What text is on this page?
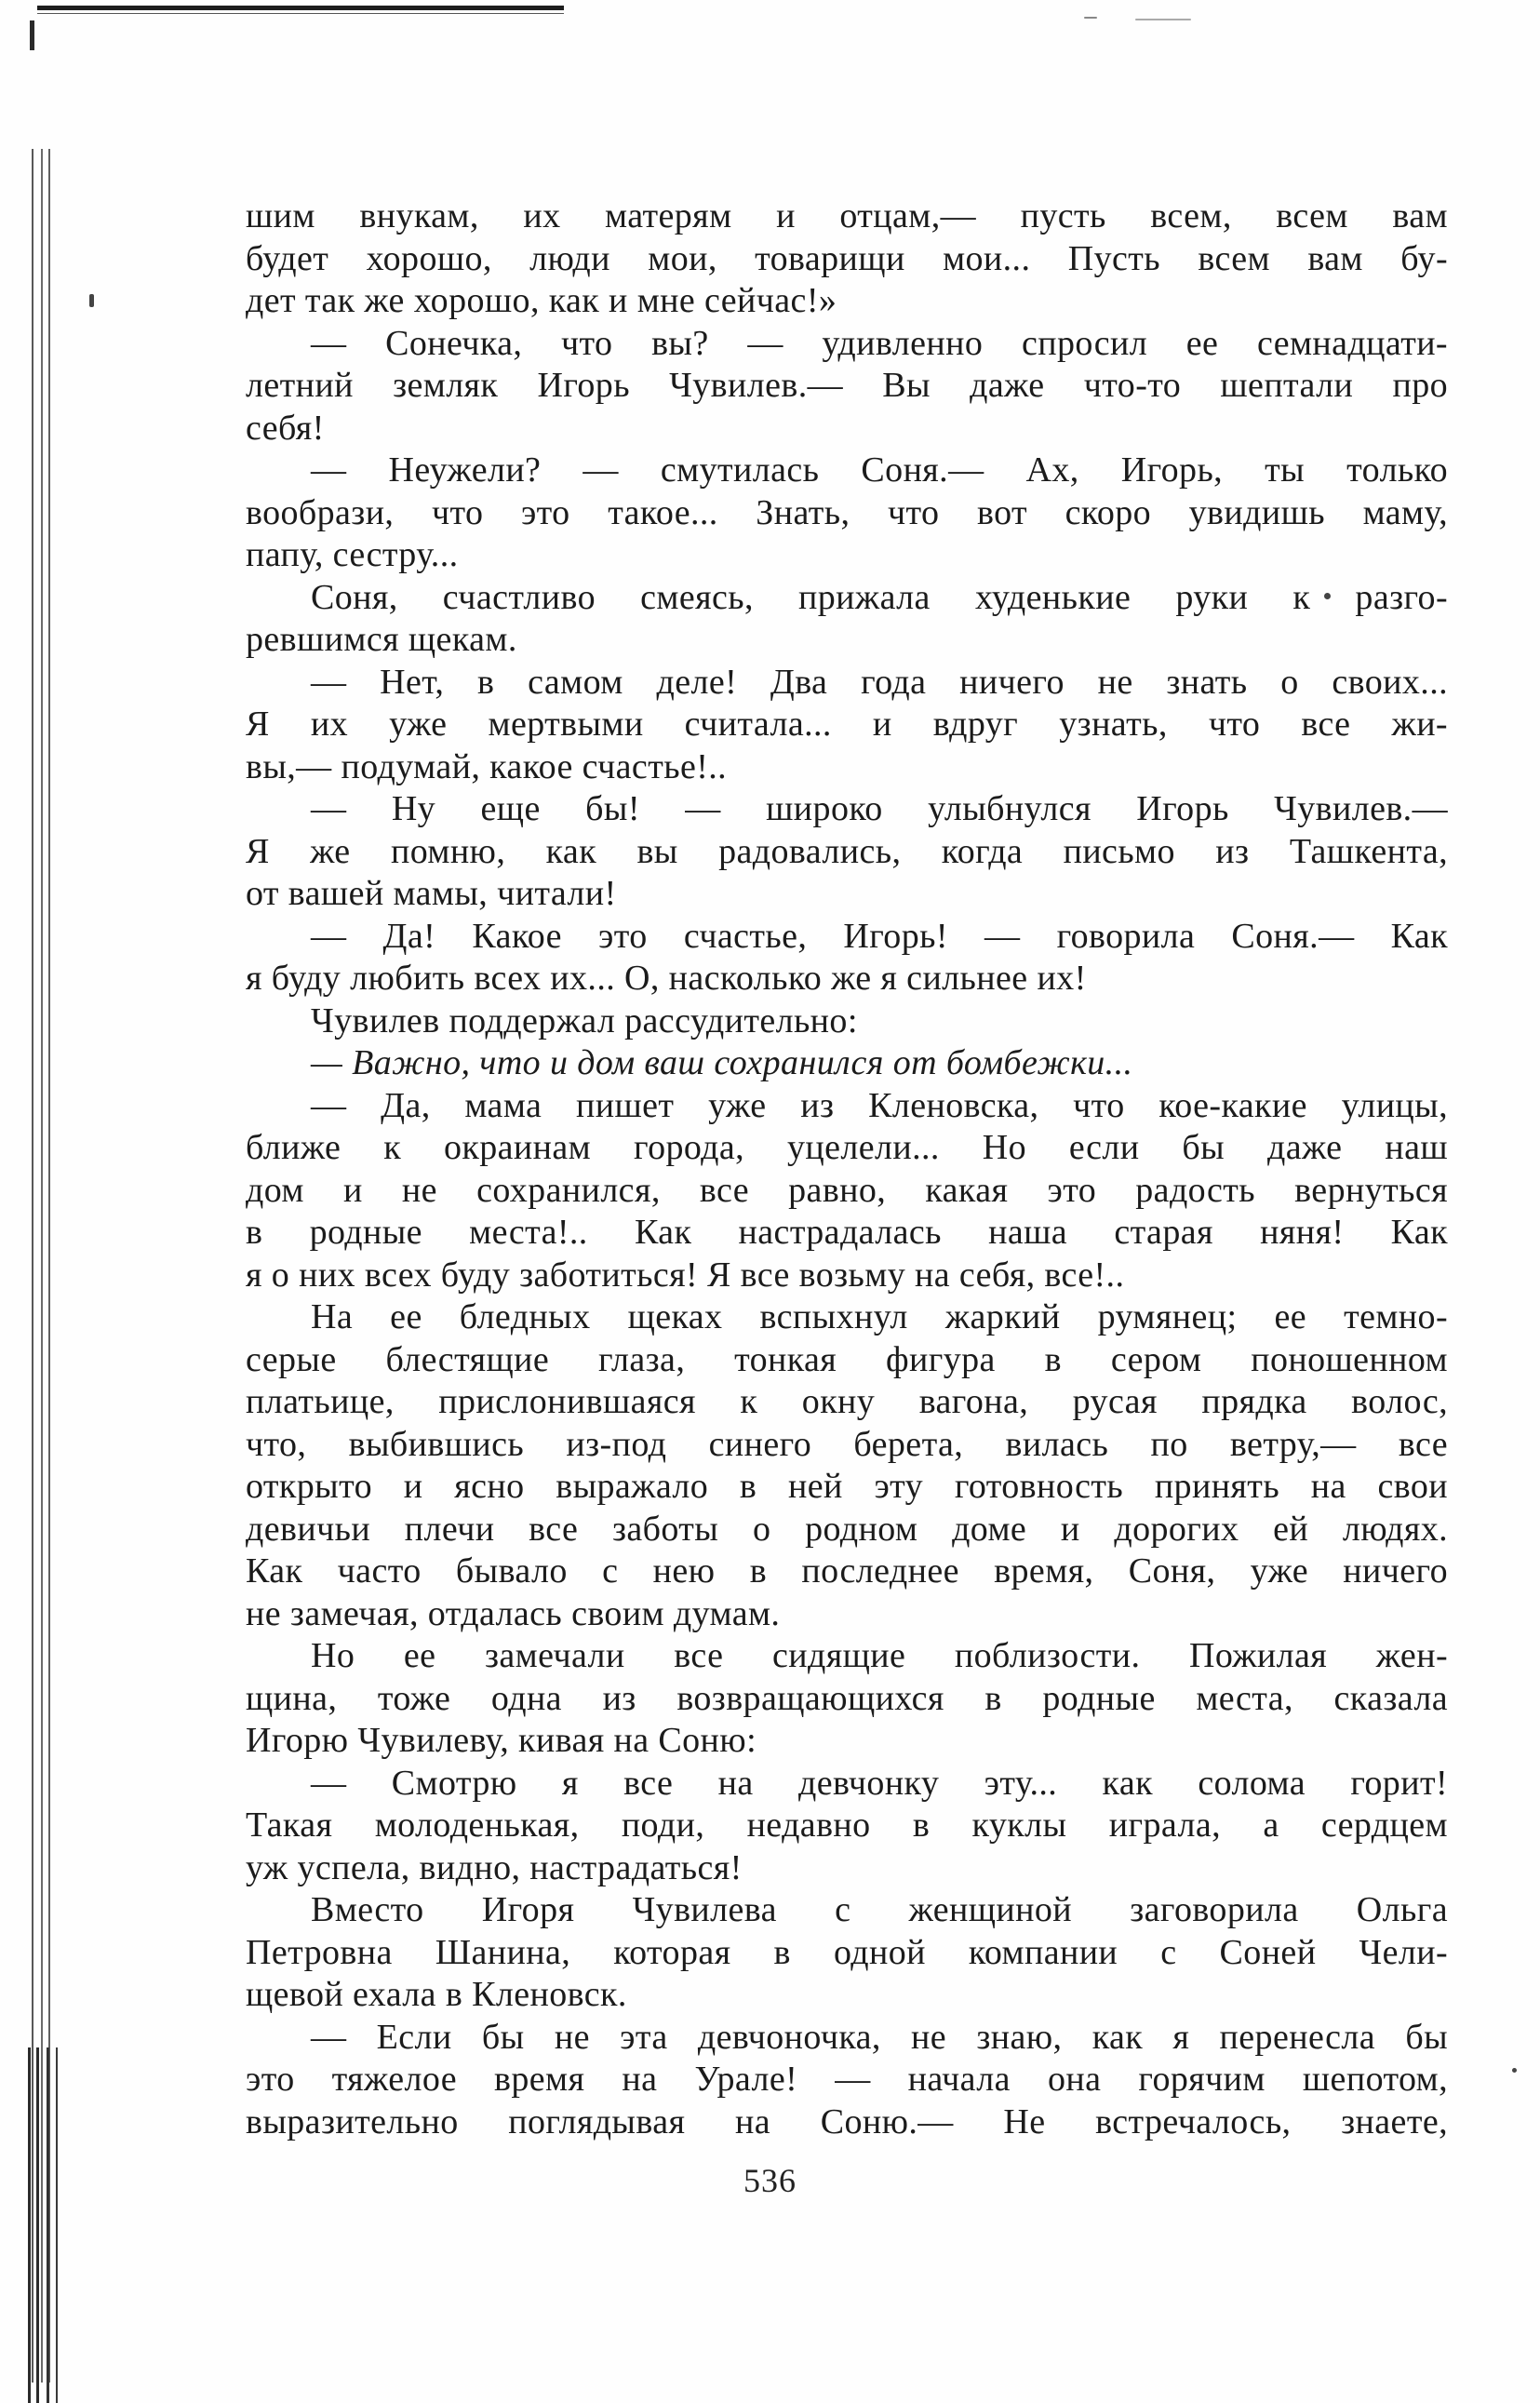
шим внукам, их матерям и отцам,— пусть всем, всем вам
будет хорошо, люди мои, товарищи мои... Пусть всем вам бу-
дет так же хорошо, как и мне сейчас!»
— Сонечка, что вы? — удивленно спросил ее семнадцати-
летний земляк Игорь Чувилев.— Вы даже что-то шептали про
себя!
— Неужели? — смутилась Соня.— Ах, Игорь, ты только
вообрази, что это такое... Знать, что вот скоро увидишь маму,
папу, сестру...
Соня, счастливо смеясь, прижала худенькие руки к разго-
ревшимся щекам.
— Нет, в самом деле! Два года ничего не знать о своих...
Я их уже мертвыми считала... и вдруг узнать, что все жи-
вы,— подумай, какое счастье!..
— Ну еще бы! — широко улыбнулся Игорь Чувилев.—
Я же помню, как вы радовались, когда письмо из Ташкента,
от вашей мамы, читали!
— Да! Какое это счастье, Игорь! — говорила Соня.— Как
я буду любить всех их... О, насколько же я сильнее их!
Чувилев поддержал рассудительно:
— Важно, что и дом ваш сохранился от бомбежки...
— Да, мама пишет уже из Кленовска, что кое-какие улицы,
ближе к окраинам города, уцелели... Но если бы даже наш
дом и не сохранился, все равно, какая это радость вернуться
в родные места!.. Как настрадалась наша старая няня! Как
я о них всех буду заботиться! Я все возьму на себя, все!..
На ее бледных щеках вспыхнул жаркий румянец; ее темно-
серые блестящие глаза, тонкая фигура в сером поношенном
платьице, прислонившаяся к окну вагона, русая прядка волос,
что, выбившись из-под синего берета, вилась по ветру,— все
открыто и ясно выражало в ней эту готовность принять на свои
девичьи плечи все заботы о родном доме и дорогих ей людях.
Как часто бывало с нею в последнее время, Соня, уже ничего
не замечая, отдалась своим думам.
Но ее замечали все сидящие поблизости. Пожилая жен-
щина, тоже одна из возвращающихся в родные места, сказала
Игорю Чувилеву, кивая на Соню:
— Смотрю я все на девчонку эту... как солома горит!
Такая молоденькая, поди, недавно в куклы играла, а сердцем
уж успела, видно, настрадаться!
Вместо Игоря Чувилева с женщиной заговорила Ольга
Петровна Шанина, которая в одной компании с Соней Чели-
щевой ехала в Кленовск.
— Если бы не эта девчоночка, не знаю, как я перенесла бы
это тяжелое время на Урале! — начала она горячим шепотом,
выразительно поглядывая на Соню.— Не встречалось, знаете,
536
